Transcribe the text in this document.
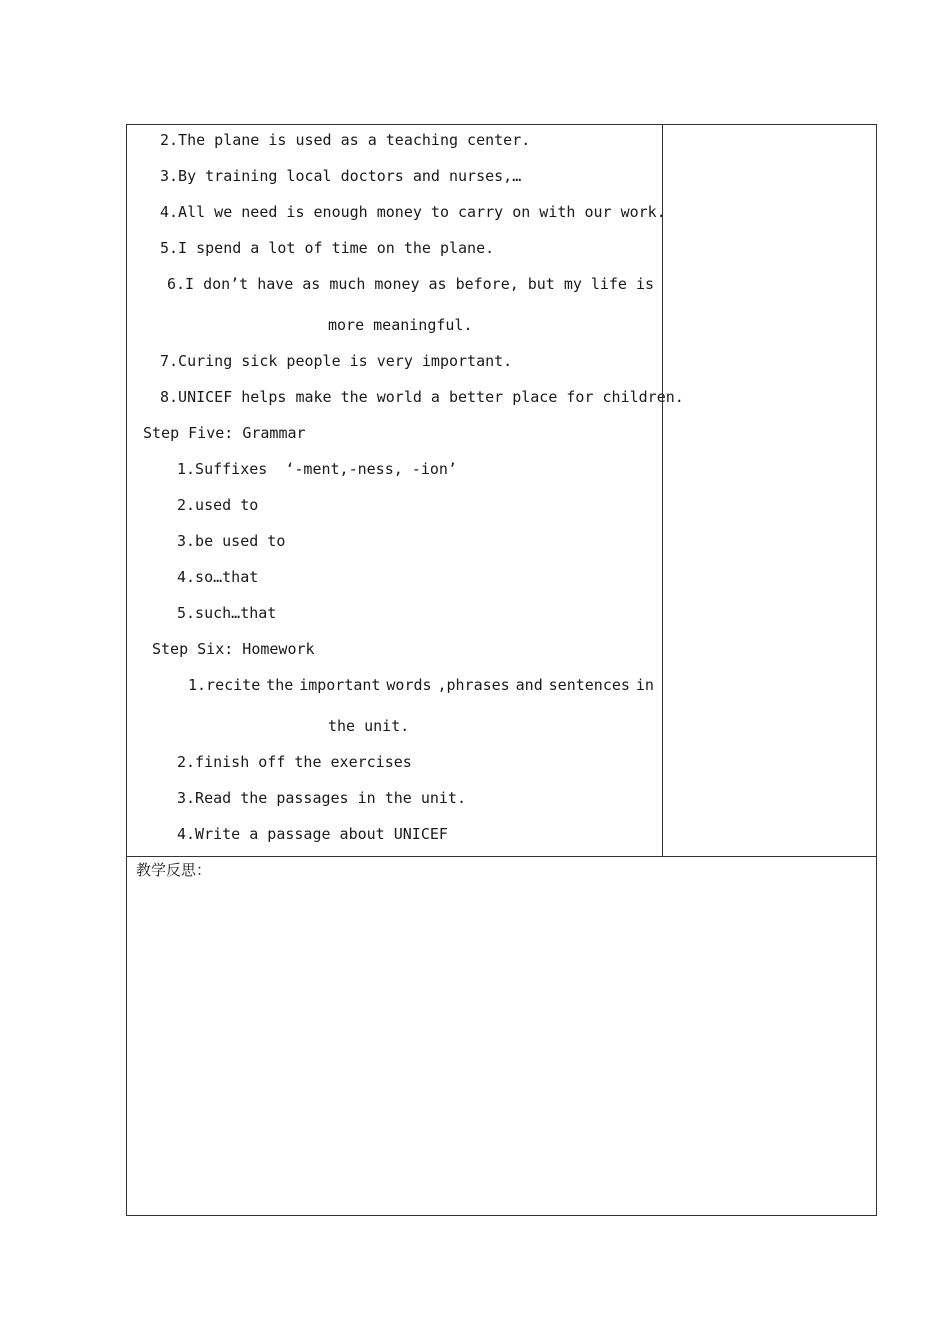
2.The plane is used as a teaching center.
3.By training local doctors and nurses,…
4.All we need is enough money to carry on with our work.
5.I spend a lot of time on the plane.
6.I don’t have as much money as before, but my life is
more meaningful.
7.Curing sick people is very important.
8.UNICEF helps make the world a better place for children.
Step Five: Grammar
1.Suffixes  ‘-ment,-ness, -ion’
2.used to
3.be used to
4.so…that
5.such…that
Step Six: Homework
1.recite the important words ,phrases and sentences in
the unit.
2.finish off the exercises
3.Read the passages in the unit.
4.Write a passage about UNICEF
教学反思：
